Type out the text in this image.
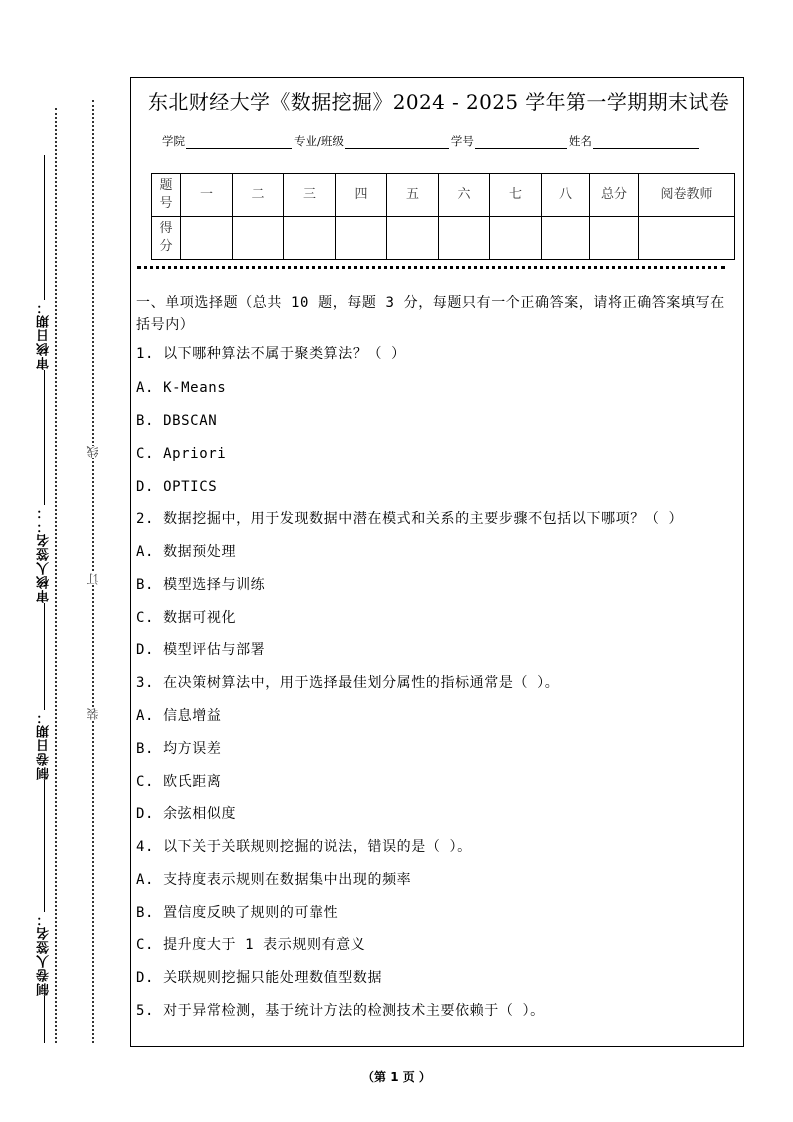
审核日期：
审核人签名：：
制卷日期：
制卷人签名：
线
订
装
东北财经大学《数据挖掘》2024 - 2025 学年第一学期期末试卷
学院	专业/班级	学号	姓名
题号	一	二	三	四	五	六	七	八	总分	阅卷教师
得分										
一、单项选择题（总共 10 题，每题 3 分，每题只有一个正确答案，请将正确答案填写在括号内）
1. 以下哪种算法不属于聚类算法？（ ）
A. K-Means
B. DBSCAN
C. Apriori
D. OPTICS
2. 数据挖掘中，用于发现数据中潜在模式和关系的主要步骤不包括以下哪项？（ ）
A. 数据预处理
B. 模型选择与训练
C. 数据可视化
D. 模型评估与部署
3. 在决策树算法中，用于选择最佳划分属性的指标通常是（ ）。
A. 信息增益
B. 均方误差
C. 欧氏距离
D. 余弦相似度
4. 以下关于关联规则挖掘的说法，错误的是（ ）。
A. 支持度表示规则在数据集中出现的频率
B. 置信度反映了规则的可靠性
C. 提升度大于 1 表示规则有意义
D. 关联规则挖掘只能处理数值型数据
5. 对于异常检测，基于统计方法的检测技术主要依赖于（ ）。
（第 1 页 ）
